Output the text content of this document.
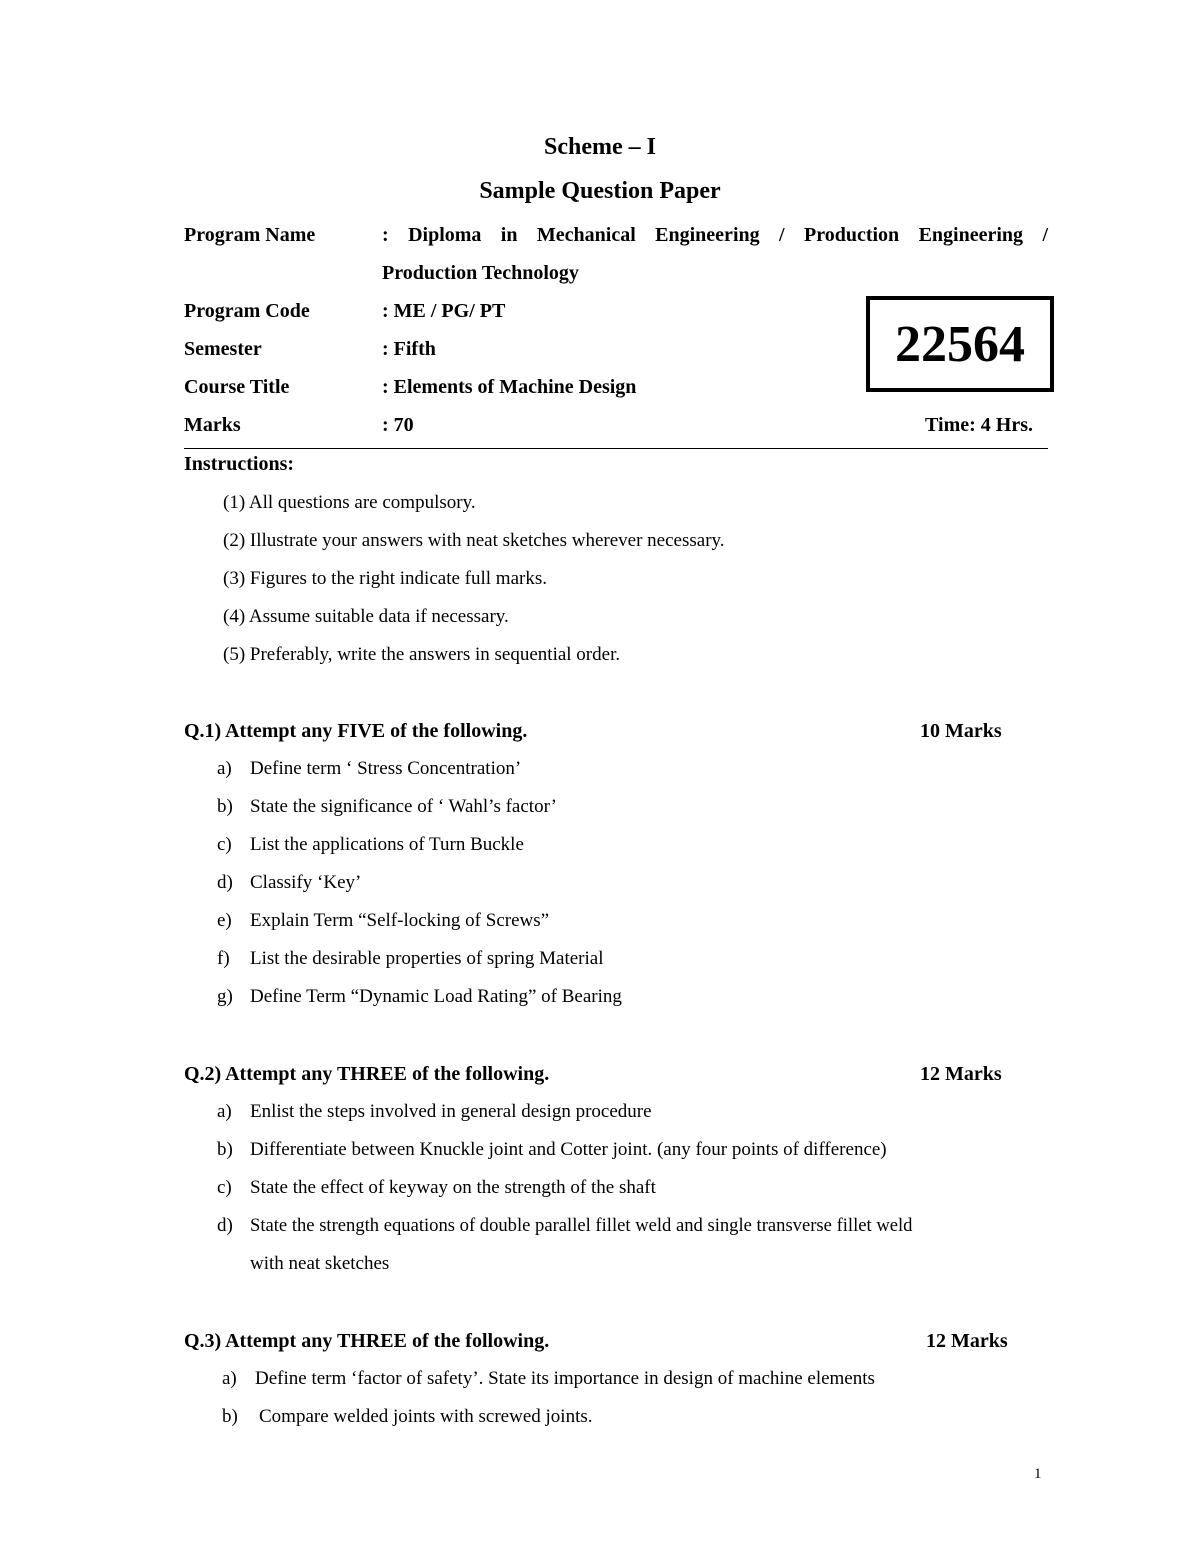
Scheme – I
Sample Question Paper
Program Name	: Diploma in Mechanical Engineering / Production Engineering /
Production Technology
Program Code	: ME / PG/ PT
Semester	: Fifth
Course Title	: Elements of Machine Design
Marks	: 70	Time: 4 Hrs.
22564
Instructions:
(1) All questions are compulsory.
(2) Illustrate your answers with neat sketches wherever necessary.
(3) Figures to the right indicate full marks.
(4) Assume suitable data if necessary.
(5) Preferably, write the answers in sequential order.
Q.1) Attempt any FIVE of the following.	10 Marks
a) Define term ‘ Stress Concentration’
b) State the significance of ‘ Wahl’s factor’
c) List the applications of Turn Buckle
d) Classify ‘Key’
e) Explain Term “Self-locking of Screws”
f) List the desirable properties of spring Material
g) Define Term “Dynamic Load Rating” of Bearing
Q.2) Attempt any THREE of the following.	12 Marks
a) Enlist the steps involved in general design procedure
b) Differentiate between Knuckle joint and Cotter joint. (any four points of difference)
c) State the effect of keyway on the strength of the shaft
d) State the strength equations of double parallel fillet weld and single transverse fillet weld
with neat sketches
Q.3) Attempt any THREE of the following.	12 Marks
a) Define term ‘factor of safety’. State its importance in design of machine elements
b) Compare welded joints with screwed joints.
1
